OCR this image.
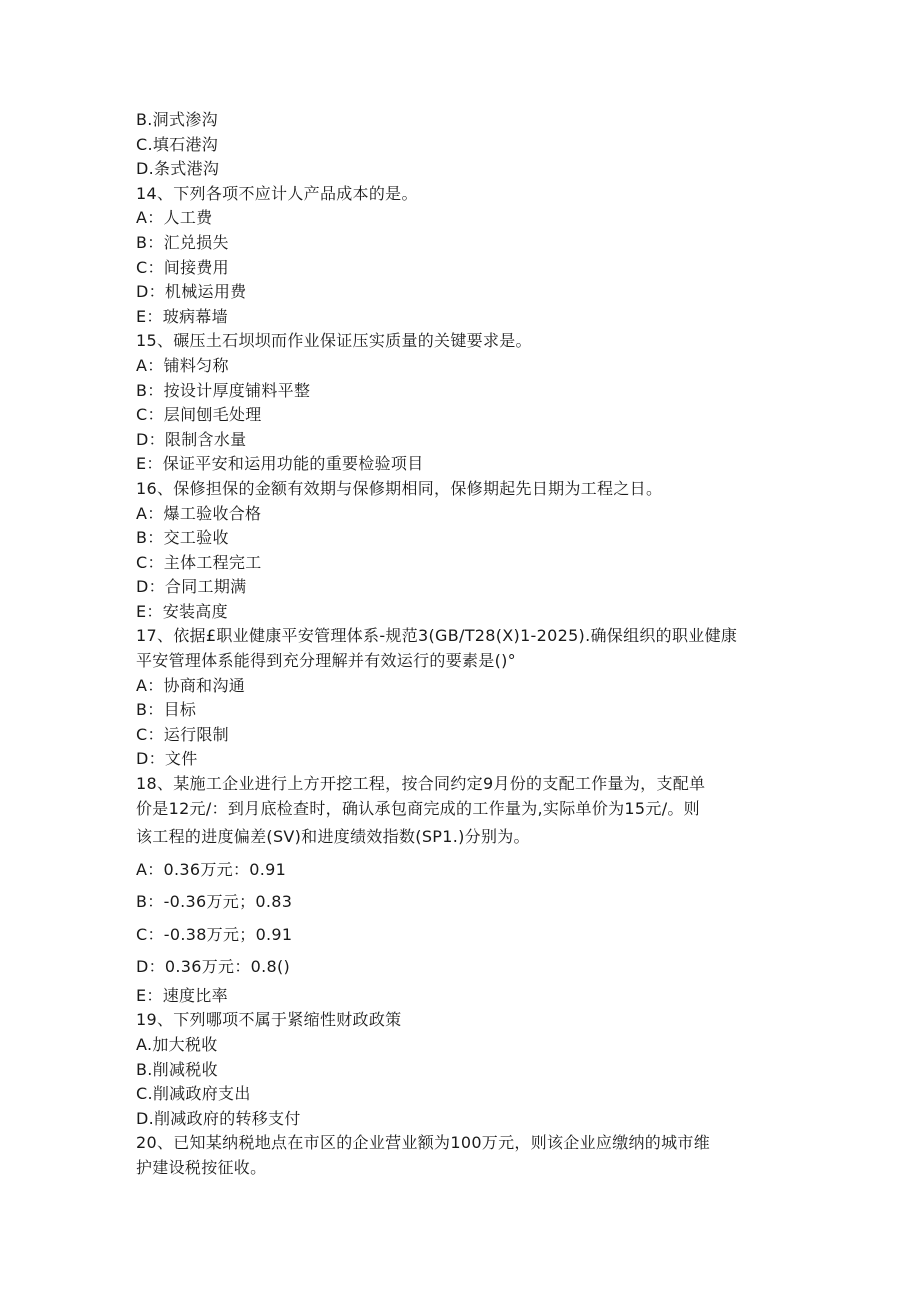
B.洞式渗沟
C.填石港沟
D.条式港沟
14、下列各项不应计人产品成本的是。
A：人工费
B：汇兑损失
C：间接费用
D：机械运用费
E：玻病幕墙
15、碾压土石坝坝而作业保证压实质量的关键要求是。
A：铺料匀称
B：按设计厚度铺料平整
C：层间刨毛处理
D：限制含水量
E：保证平安和运用功能的重要检验项目
16、保修担保的金额有效期与保修期相同，保修期起先日期为工程之日。
A：爆工验收合格
B：交工验收
C：主体工程完工
D：合同工期满
E：安装高度
17、依据£职业健康平安管理体系-规范3(GB/T28(X)1-2025).确保组织的职业健康
平安管理体系能得到充分理解并有效运行的要素是()°
A：协商和沟通
B：目标
C：运行限制
D：文件
18、某施工企业进行上方开挖工程，按合同约定9月份的支配工作量为，支配单
价是12元/：到月底检查时，确认承包商完成的工作量为,实际单价为15元/。则
该工程的进度偏差(SV)和进度绩效指数(SP1.)分别为。
A：0.36万元：0.91
B：-0.36万元；0.83
C：-0.38万元；0.91
D：0.36万元：0.8()
E：速度比率
19、下列哪项不属于紧缩性财政政策
A.加大税收
B.削减税收
C.削减政府支出
D.削减政府的转移支付
20、已知某纳税地点在市区的企业营业额为100万元，则该企业应缴纳的城市维
护建设税按征收。
